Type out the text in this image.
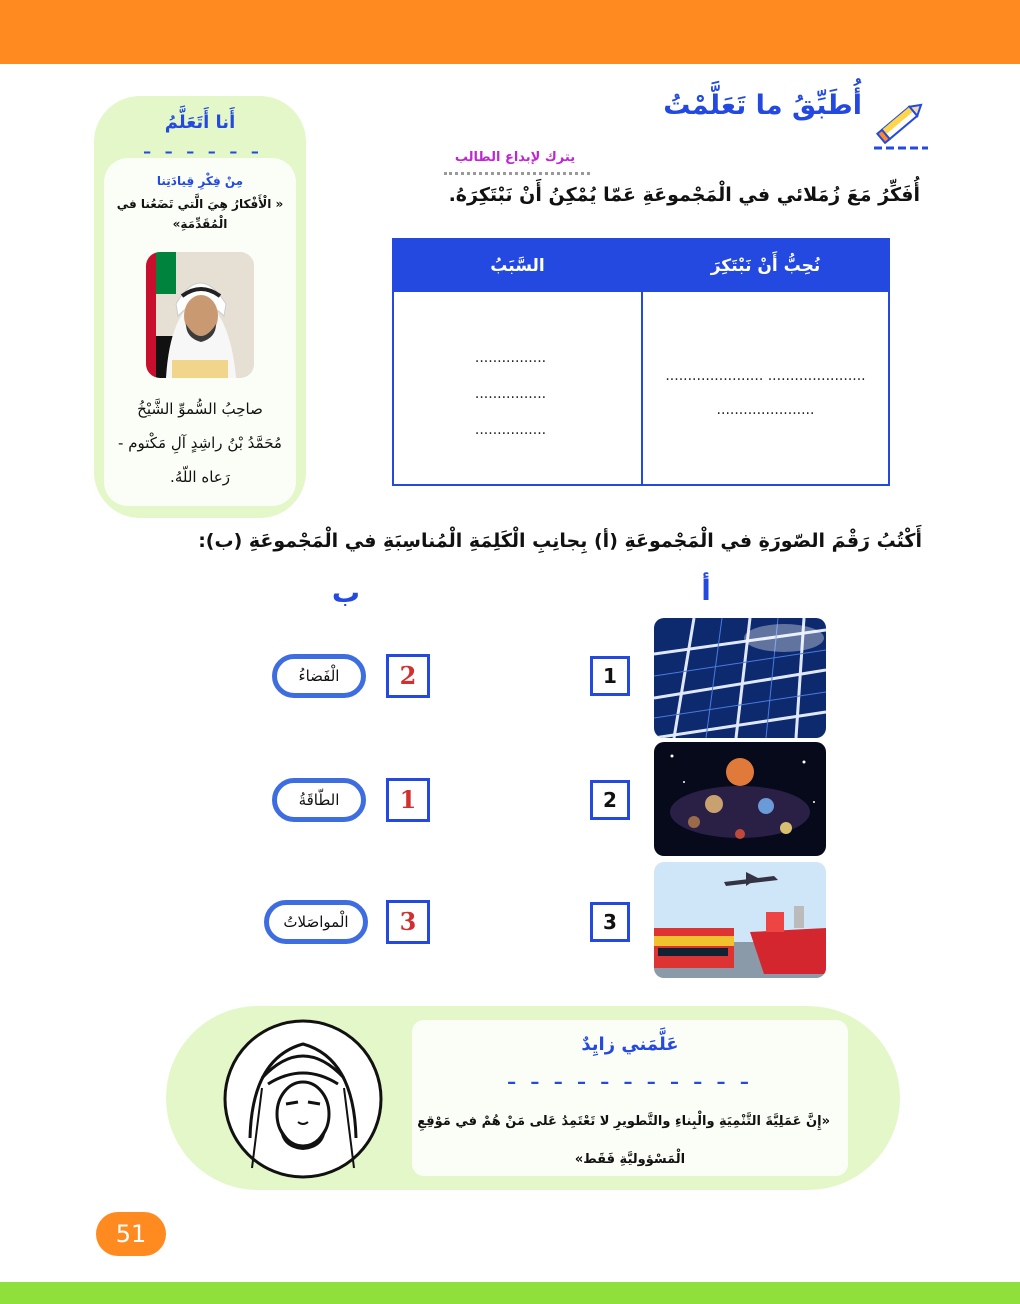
أُطَبِّقُ ما تَعَلَّمْتُ
أَنا أَتَعَلَّمُ
– – – – – –
مِنْ فِكْرِ قِيادَتِنا
« الْأَفْكارُ هِيَ الَّتي تَضَعُنا في الْمُقَدِّمَةِ»
صاحِبُ السُّموِّ الشَّيْخُ
مُحَمَّدُ بْنُ راشِدٍ آلِ مَكْتوم -
رَعاه اللّهُ.
يترك لإبداع الطالب
أُفَكِّرُ مَعَ زُمَلائي في الْمَجْموعَةِ عَمّا يُمْكِنُ أَنْ نَبْتَكِرَهُ.
نُحِبُّ أَنْ نَبْتَكِرَ
السَّبَبُ
...................... ......................
......................
................
................
................
أَكْتُبُ رَقْمَ الصّورَةِ في الْمَجْموعَةِ (أ) بِجانِبِ الْكَلِمَةِ الْمُناسِبَةِ في الْمَجْموعَةِ (ب):
أ
ب
1
2
3
2
الْفَضاءُ
1
الطّاقَةُ
3
الْمواصَلاتُ
عَلَّمَني زايِدٌ
– – – – – – – – – – –
«إِنَّ عَمَلِيَّةَ التَّنْمِيَةِ والْبِناءِ والتَّطويرِ لا تَعْتَمِدُ عَلى مَنْ هُمْ في مَوْقِعِ
الْمَسْؤوليَّةِ فَقَط»
51
